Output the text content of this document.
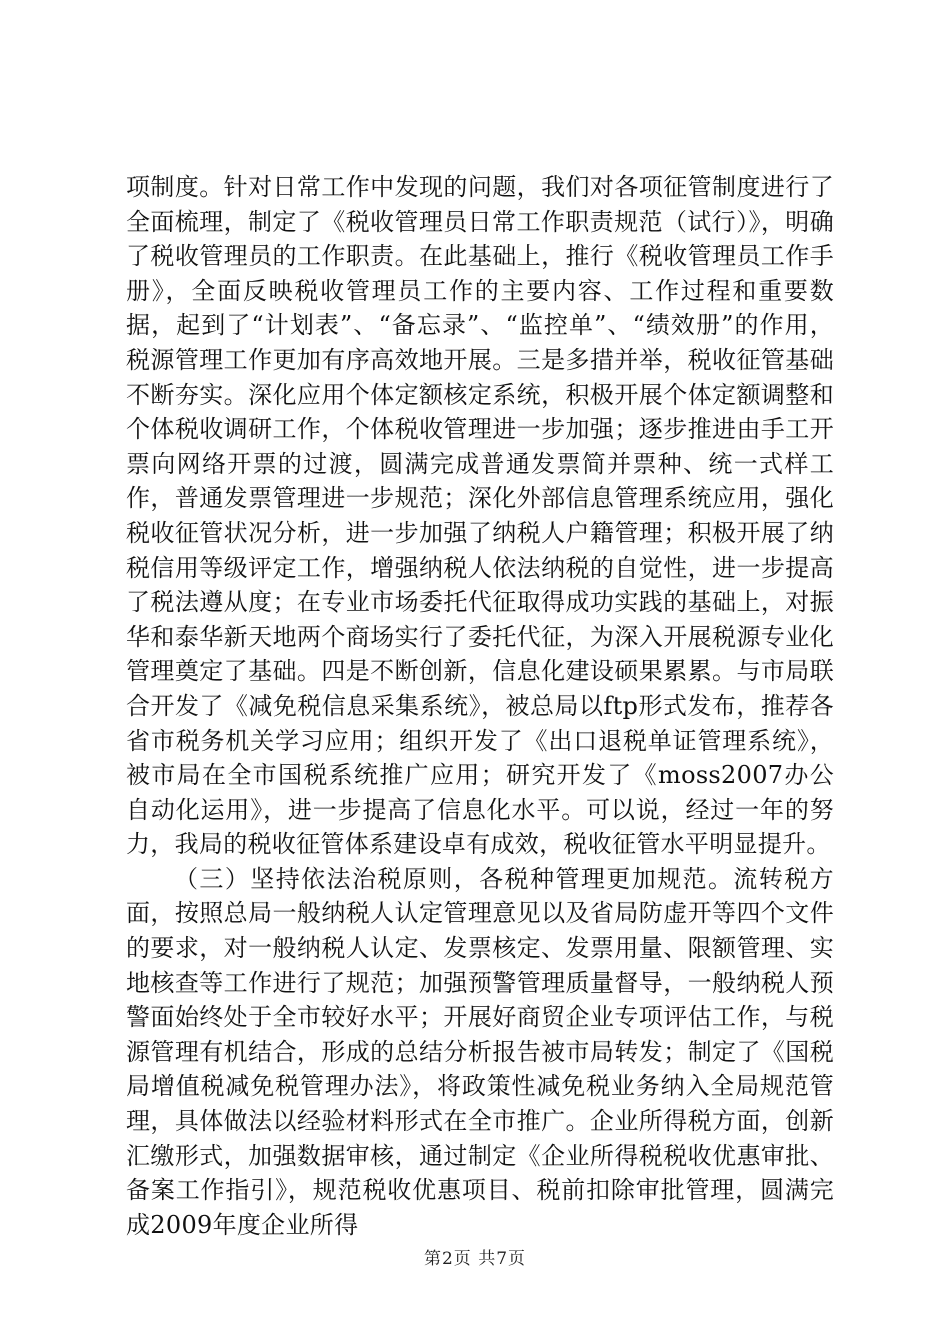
项制度。针对日常工作中发现的问题，我们对各项征管制度进行了全面梳理，制定了《税收管理员日常工作职责规范（试行）》，明确了税收管理员的工作职责。在此基础上，推行《税收管理员工作手册》，全面反映税收管理员工作的主要内容、工作过程和重要数据，起到了“计划表”、“备忘录”、“监控单”、“绩效册”的作用，税源管理工作更加有序高效地开展。三是多措并举，税收征管基础不断夯实。深化应用个体定额核定系统，积极开展个体定额调整和个体税收调研工作，个体税收管理进一步加强；逐步推进由手工开票向网络开票的过渡，圆满完成普通发票简并票种、统一式样工作，普通发票管理进一步规范；深化外部信息管理系统应用，强化税收征管状况分析，进一步加强了纳税人户籍管理；积极开展了纳税信用等级评定工作，增强纳税人依法纳税的自觉性，进一步提高了税法遵从度；在专业市场委托代征取得成功实践的基础上，对振华和泰华新天地两个商场实行了委托代征，为深入开展税源专业化管理奠定了基础。四是不断创新，信息化建设硕果累累。与市局联合开发了《减免税信息采集系统》，被总局以ftp形式发布，推荐各省市税务机关学习应用；组织开发了《出口退税单证管理系统》，被市局在全市国税系统推广应用；研究开发了《moss2007办公自动化运用》，进一步提高了信息化水平。可以说，经过一年的努力，我局的税收征管体系建设卓有成效，税收征管水平明显提升。

（三）坚持依法治税原则，各税种管理更加规范。流转税方面，按照总局一般纳税人认定管理意见以及省局防虚开等四个文件的要求，对一般纳税人认定、发票核定、发票用量、限额管理、实地核查等工作进行了规范；加强预警管理质量督导，一般纳税人预警面始终处于全市较好水平；开展好商贸企业专项评估工作，与税源管理有机结合，形成的总结分析报告被市局转发；制定了《国税局增值税减免税管理办法》，将政策性减免税业务纳入全局规范管理，具体做法以经验材料形式在全市推广。企业所得税方面，创新汇缴形式，加强数据审核，通过制定《企业所得税税收优惠审批、备案工作指引》，规范税收优惠项目、税前扣除审批管理，圆满完成2009年度企业所得

第2页 共7页
